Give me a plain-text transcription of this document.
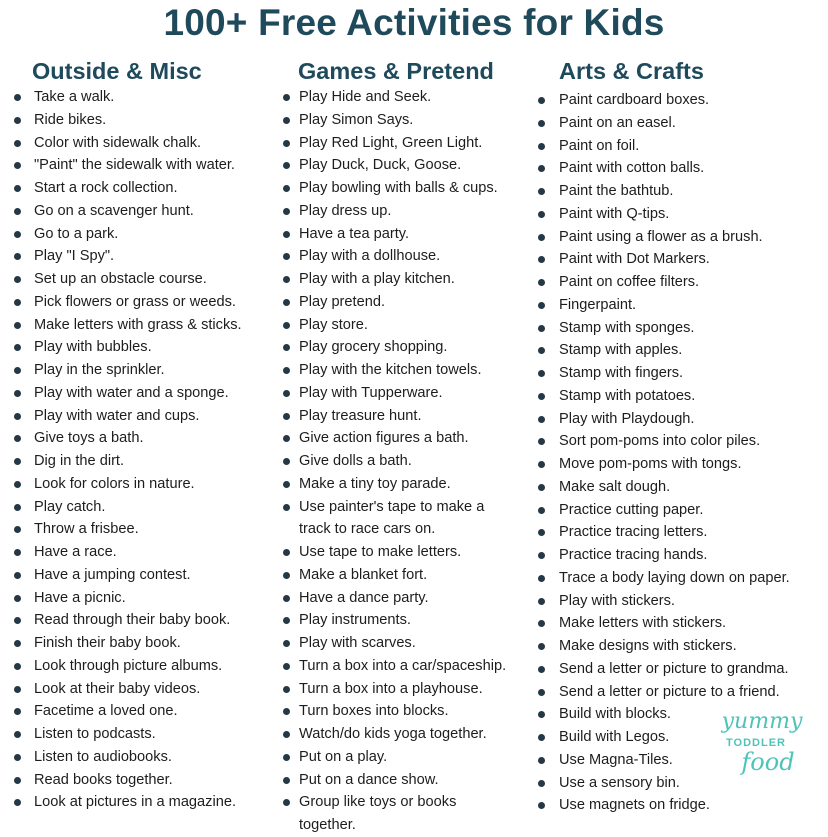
100+ Free Activities for Kids
Outside & Misc
Take a walk.
Ride bikes.
Color with sidewalk chalk.
"Paint" the sidewalk with water.
Start a rock collection.
Go on a scavenger hunt.
Go to a park.
Play "I Spy".
Set up an obstacle course.
Pick flowers or grass or weeds.
Make letters with grass & sticks.
Play with bubbles.
Play in the sprinkler.
Play with water and a sponge.
Play with water and cups.
Give toys a bath.
Dig in the dirt.
Look for colors in nature.
Play catch.
Throw a frisbee.
Have a race.
Have a jumping contest.
Have a picnic.
Read through their baby book.
Finish their baby book.
Look through picture albums.
Look at their baby videos.
Facetime a loved one.
Listen to podcasts.
Listen to audiobooks.
Read books together.
Look at pictures in a magazine.
Games & Pretend
Play Hide and Seek.
Play Simon Says.
Play Red Light, Green Light.
Play Duck, Duck, Goose.
Play bowling with balls & cups.
Play dress up.
Have a tea party.
Play with a dollhouse.
Play with a play kitchen.
Play pretend.
Play store.
Play grocery shopping.
Play with the kitchen towels.
Play with Tupperware.
Play treasure hunt.
Give action figures a bath.
Give dolls a bath.
Make a tiny toy parade.
Use painter's tape to make a track to race cars on.
Use tape to make letters.
Make a blanket fort.
Have a dance party.
Play instruments.
Play with scarves.
Turn a box into a car/spaceship.
Turn a box into a playhouse.
Turn boxes into blocks.
Watch/do kids yoga together.
Put on a play.
Put on a dance show.
Group like toys or books together.
Arts & Crafts
Paint cardboard boxes.
Paint on an easel.
Paint on foil.
Paint with cotton balls.
Paint the bathtub.
Paint with Q-tips.
Paint using a flower as a brush.
Paint with Dot Markers.
Paint on coffee filters.
Fingerpaint.
Stamp with sponges.
Stamp with apples.
Stamp with fingers.
Stamp with potatoes.
Play with Playdough.
Sort pom-poms into color piles.
Move pom-poms with tongs.
Make salt dough.
Practice cutting paper.
Practice tracing letters.
Practice tracing hands.
Trace a body laying down on paper.
Play with stickers.
Make letters with stickers.
Make designs with stickers.
Send a letter or picture to grandma.
Send a letter or picture to a friend.
Build with blocks.
Build with Legos.
Use Magna-Tiles.
Use a sensory bin.
Use magnets on fridge.
yummy
TODDLER
food
